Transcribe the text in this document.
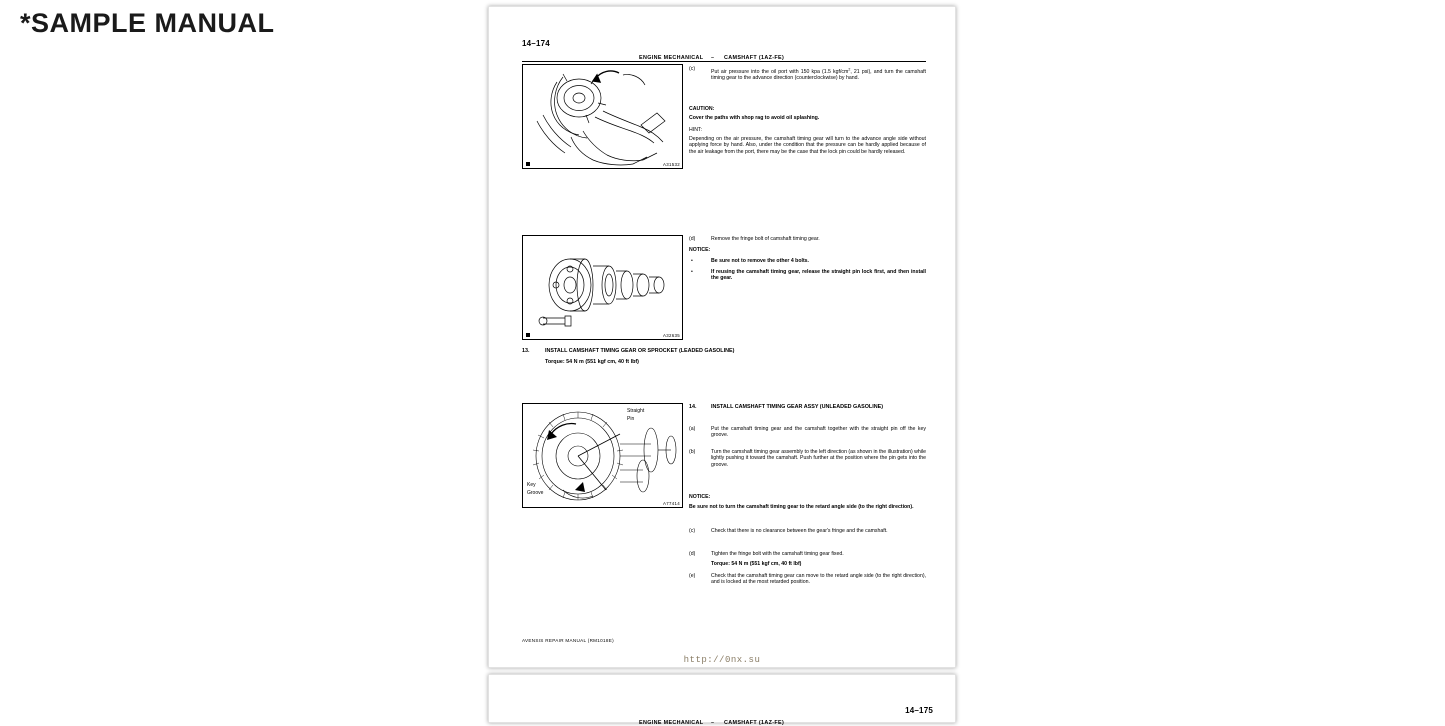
*SAMPLE MANUAL
14–174
ENGINE MECHANICAL – CAMSHAFT (1AZ-FE)
A31532
(c)	Put air pressure into the oil port with 150 kpa (1.5 kgf/$cm^2$, 21 psi), and turn the camshaft timing gear to the advance direction (counterclockwise) by hand.
CAUTION:
Cover the paths with shop rag to avoid oil splashing.
HINT:
Depending on the air pressure, the camshaft timing gear will turn to the advance angle side without applying force by hand. Also, under the condition that the pressure can be hardly applied because of the air leakage from the port, there may be the case that the lock pin could be hardly released.
A32635
(d)	Remove the fringe bolt of camshaft timing gear.
NOTICE:
•	Be sure not to remove the other 4 bolts.
•	If reusing the camshaft timing gear, release the straight pin lock first, and then install the gear.
13.	INSTALL CAMSHAFT TIMING GEAR OR SPROCKET (LEADED GASOLINE)
Torque: 54 N m (551 kgf cm, 40 ft lbf)
Straight
Pin
Key
Groove
A77414
14.	INSTALL CAMSHAFT TIMING GEAR ASSY (UNLEADED GASOLINE)
(a)	Put the camshaft timing gear and the camshaft together with the straight pin off the key groove.
(b)	Turn the camshaft timing gear assembly to the left direction (as shown in the illustration) while lightly pushing it toward the camshaft. Push further at the position where the pin gets into the groove.
NOTICE:
Be sure not to turn the camshaft timing gear to the retard angle side (to the right direction).
(c)	Check that there is no clearance between the gear's fringe and the camshaft.
(d)	Tighten the fringe bolt with the camshaft timing gear fixed.
Torque: 54 N m (551 kgf cm, 40 ft lbf)
(e)	Check that the camshaft timing gear can move to the retard angle side (to the right direction), and is locked at the most retarded position.
AVENSIS REPAIR MANUAL (RM1018E)
http://0nx.su
14–175
ENGINE MECHANICAL – CAMSHAFT (1AZ-FE)
